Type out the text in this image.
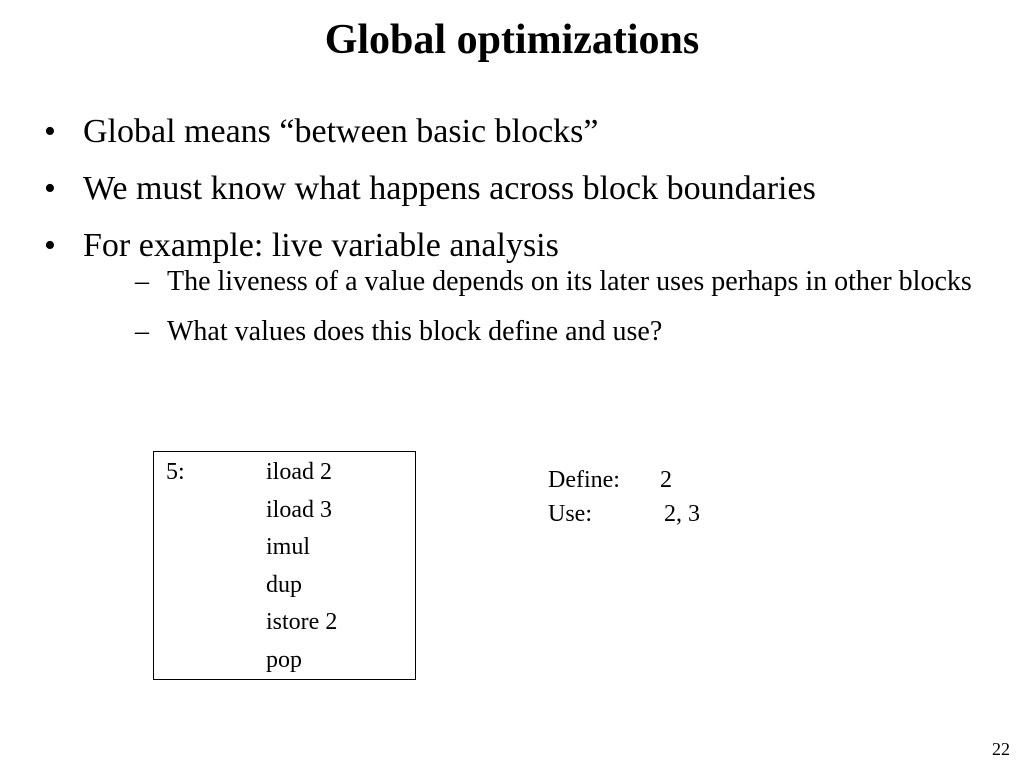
Global optimizations
• Global means “between basic blocks”
• We must know what happens across block boundaries
• For example: live variable analysis
– The liveness of a value depends on its later uses perhaps in other blocks
– What values does this block define and use?
5:	iload 2
iload 3
imul
dup
istore 2
pop
Define: 2
Use:	2, 3
22
